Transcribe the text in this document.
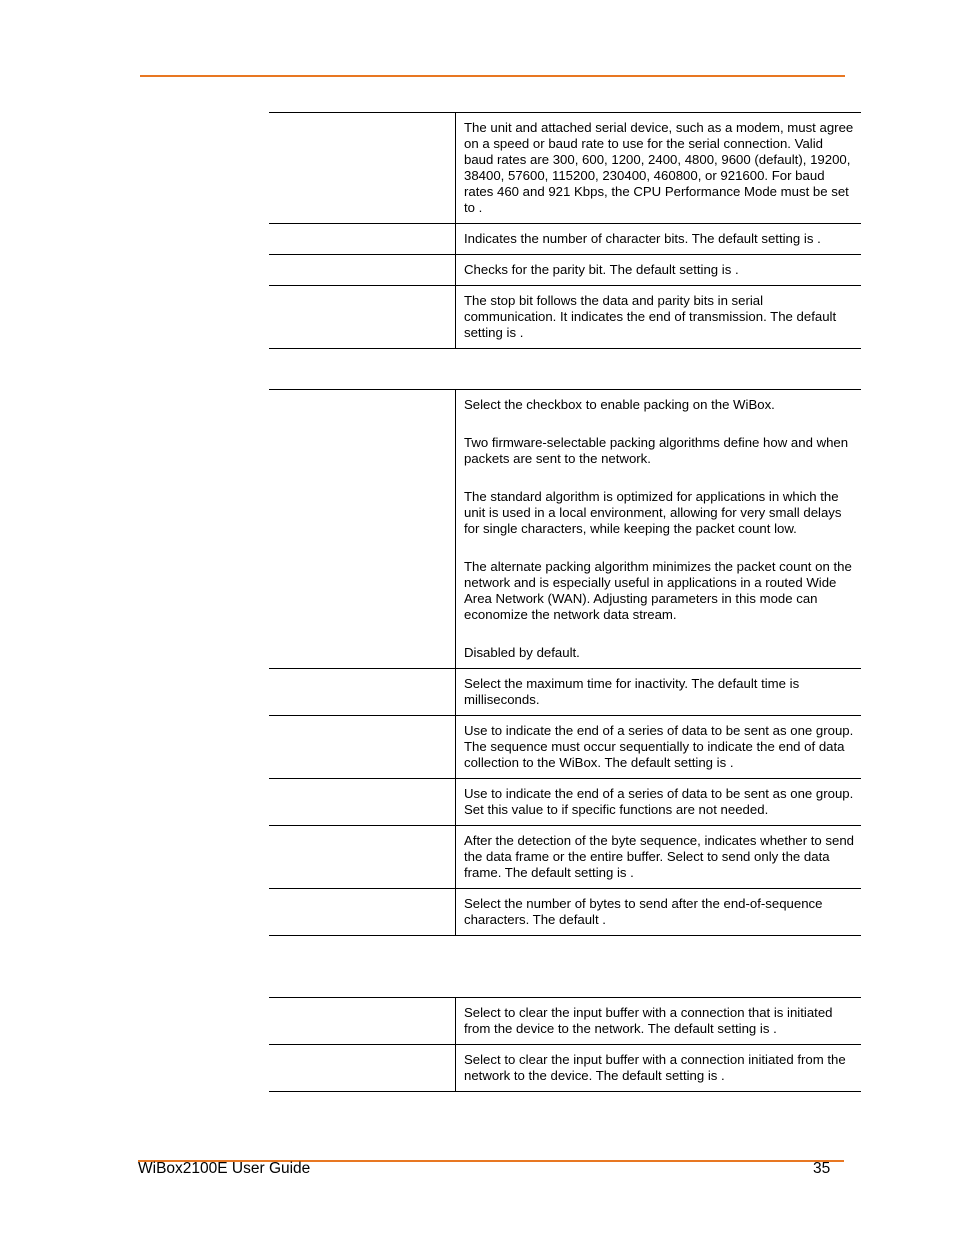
	The unit and attached serial device, such as a modem, must agree on a speed or baud rate to use for the serial connection. Valid baud rates are 300, 600, 1200, 2400, 4800, 9600 (default), 19200, 38400, 57600, 115200, 230400, 460800, or 921600. For baud rates 460 and 921 Kbps, the CPU Performance Mode must be set to .

	Indicates the number of character bits. The default setting is .

	Checks for the parity bit. The default setting is .

	The stop bit follows the data and parity bits in serial communication. It indicates the end of transmission. The default setting is .

	Select the checkbox to enable packing on the WiBox.

Two firmware-selectable packing algorithms define how and when packets are sent to the network.

The standard algorithm is optimized for applications in which the unit is used in a local environment, allowing for very small delays for single characters, while keeping the packet count low.

The alternate packing algorithm minimizes the packet count on the network and is especially useful in applications in a routed Wide Area Network (WAN). Adjusting parameters in this mode can economize the network data stream.

Disabled by default.

	Select the maximum time for inactivity. The default time is milliseconds.

	Use to indicate the end of a series of data to be sent as one group. The sequence must occur sequentially to indicate the end of data collection to the WiBox. The default setting is .

	Use to indicate the end of a series of data to be sent as one group. Set this value to if specific functions are not needed.

	After the detection of the byte sequence, indicates whether to send the data frame or the entire buffer. Select to send only the data frame. The default setting is .

	Select the number of bytes to send after the end-of-sequence characters. The default .

	Select to clear the input buffer with a connection that is initiated from the device to the network. The default setting is .

	Select to clear the input buffer with a connection initiated from the network to the device. The default setting is .

WiBox2100E User Guide	35
